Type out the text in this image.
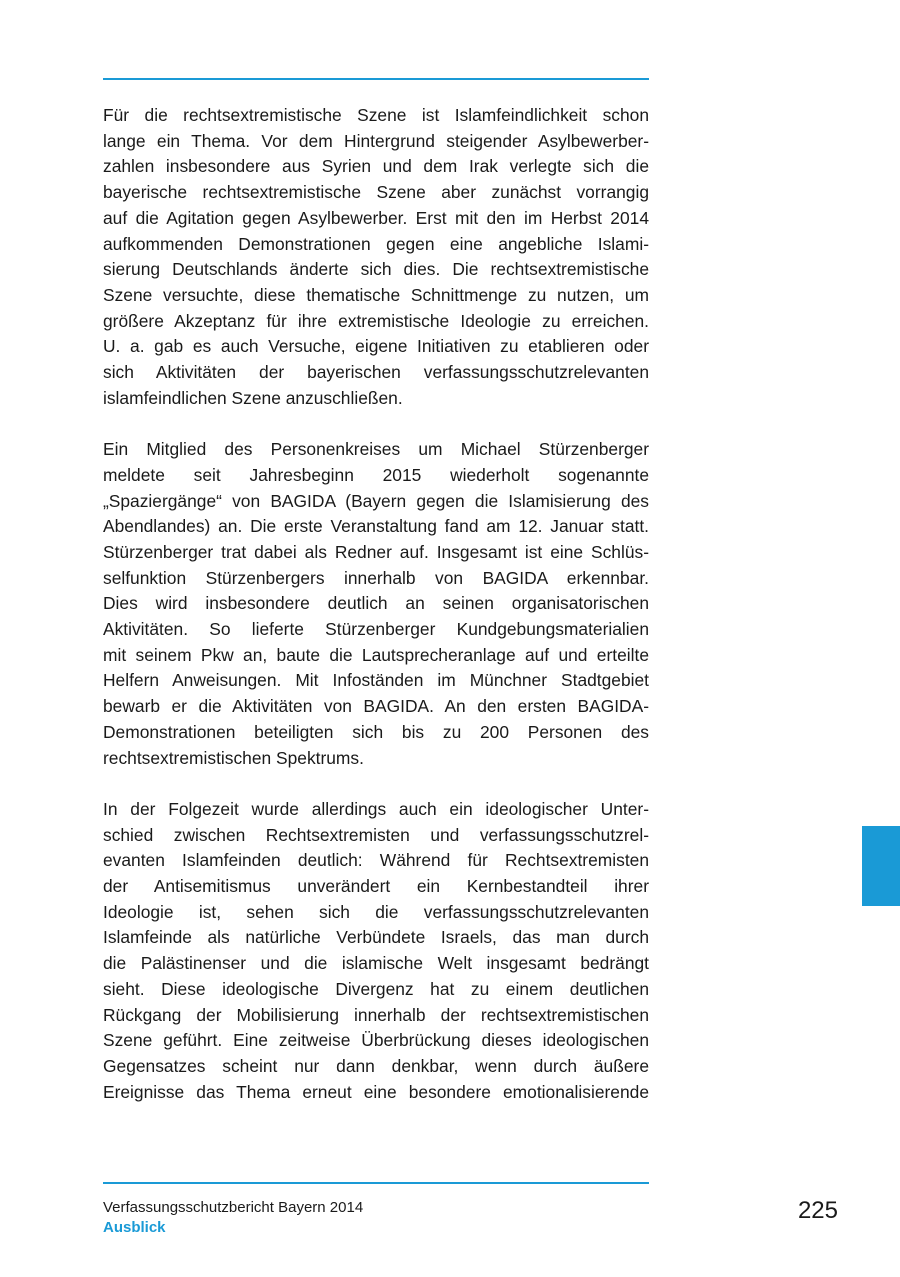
Für die rechtsextremistische Szene ist Islamfeindlichkeit schon
lange ein Thema. Vor dem Hintergrund steigender Asylbewerber-
zahlen insbesondere aus Syrien und dem Irak verlegte sich die
bayerische rechtsextremistische Szene aber zunächst vorrangig
auf die Agitation gegen Asylbewerber. Erst mit den im Herbst 2014
aufkommenden Demonstrationen gegen eine angebliche Islami-
sierung Deutschlands änderte sich dies. Die rechtsextremistische
Szene versuchte, diese thematische Schnittmenge zu nutzen, um
größere Akzeptanz für ihre extremistische Ideologie zu erreichen.
U. a. gab es auch Versuche, eigene Initiativen zu etablieren oder
sich Aktivitäten der bayerischen verfassungsschutzrelevanten
islamfeindlichen Szene anzuschließen.

Ein Mitglied des Personenkreises um Michael Stürzenberger
meldete seit Jahresbeginn 2015 wiederholt sogenannte
„Spaziergänge“ von BAGIDA (Bayern gegen die Islamisierung des
Abendlandes) an. Die erste Veranstaltung fand am 12. Januar statt.
Stürzenberger trat dabei als Redner auf. Insgesamt ist eine Schlüs-
selfunktion Stürzenbergers innerhalb von BAGIDA erkennbar.
Dies wird insbesondere deutlich an seinen organisatorischen
Aktivitäten. So lieferte Stürzenberger Kundgebungsmaterialien
mit seinem Pkw an, baute die Lautsprecheranlage auf und erteilte
Helfern Anweisungen. Mit Infoständen im Münchner Stadtgebiet
bewarb er die Aktivitäten von BAGIDA. An den ersten BAGIDA-
Demonstrationen beteiligten sich bis zu 200 Personen des
rechtsextremistischen Spektrums.

In der Folgezeit wurde allerdings auch ein ideologischer Unter-
schied zwischen Rechtsextremisten und verfassungsschutzrel-
evanten Islamfeinden deutlich: Während für Rechtsextremisten
der Antisemitismus unverändert ein Kernbestandteil ihrer
Ideologie ist, sehen sich die verfassungsschutzrelevanten
Islamfeinde als natürliche Verbündete Israels, das man durch
die Palästinenser und die islamische Welt insgesamt bedrängt
sieht. Diese ideologische Divergenz hat zu einem deutlichen
Rückgang der Mobilisierung innerhalb der rechtsextremistischen
Szene geführt. Eine zeitweise Überbrückung dieses ideologischen
Gegensatzes scheint nur dann denkbar, wenn durch äußere
Ereignisse das Thema erneut eine besondere emotionalisierende

Verfassungsschutzbericht Bayern 2014
Ausblick
225
